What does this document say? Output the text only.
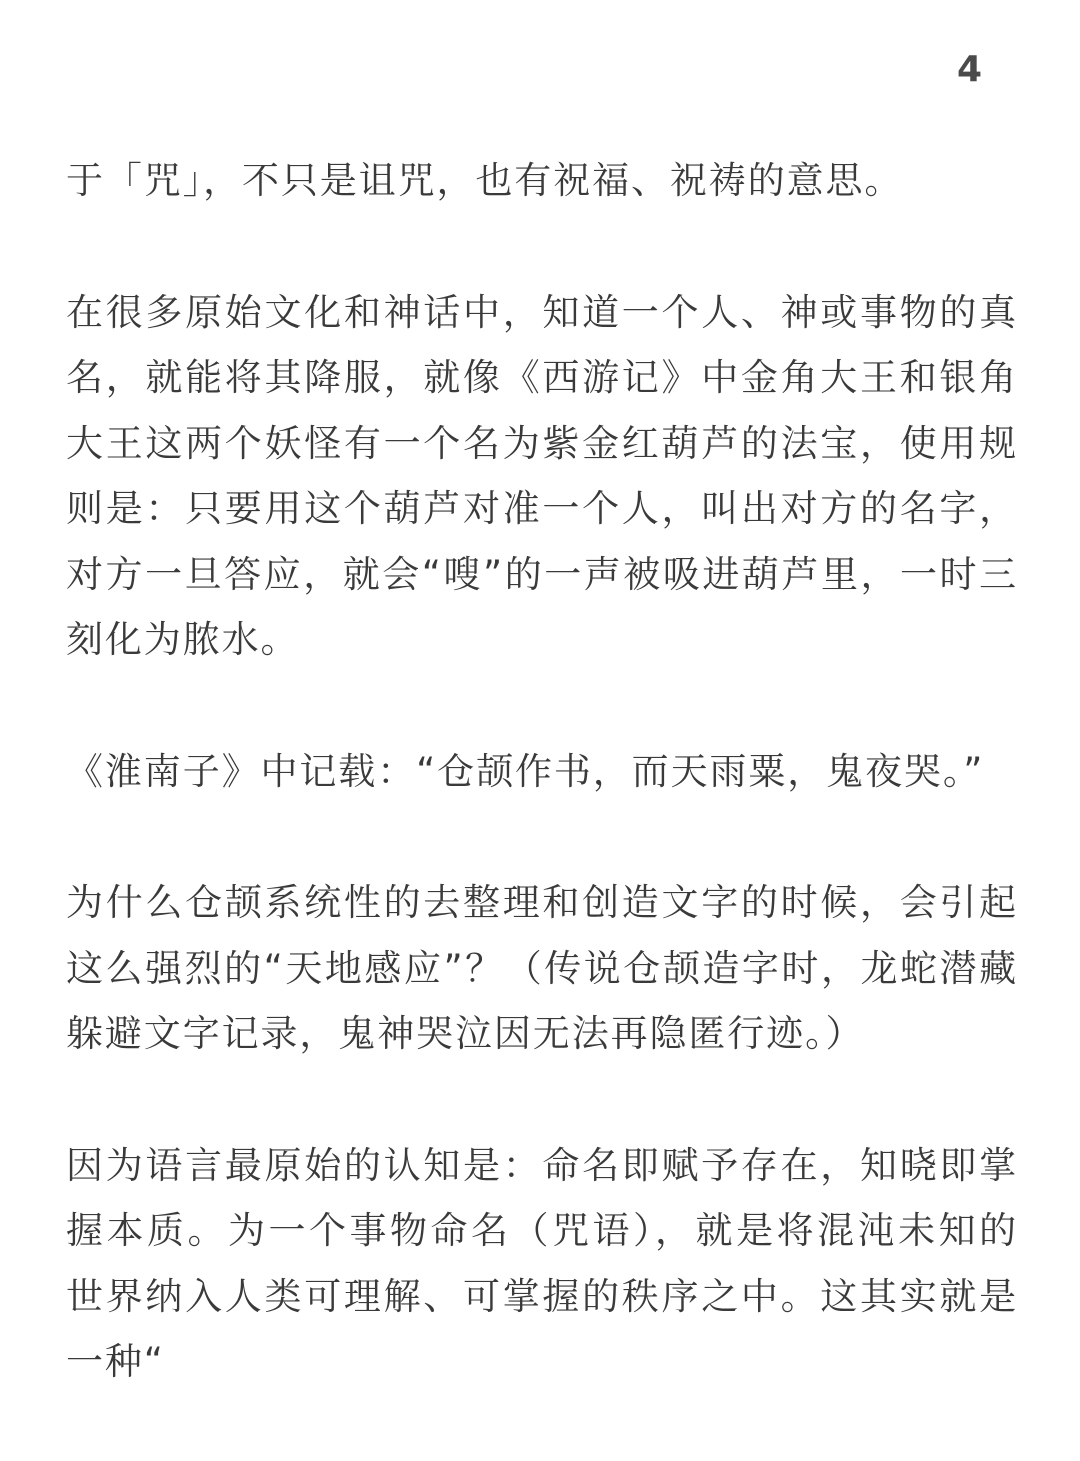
4

于「咒」，不只是诅咒，也有祝福、祝祷的意思。

在很多原始文化和神话中，知道一个人、神或事物的真名，就能将其降服，就像《西游记》中金角大王和银角大王这两个妖怪有一个名为紫金红葫芦的法宝，使用规则是：只要用这个葫芦对准一个人，叫出对方的名字，对方一旦答应，就会“嗖”的一声被吸进葫芦里，一时三刻化为脓水。

《淮南子》中记载：“仓颉作书，而天雨粟，鬼夜哭。”

为什么仓颉系统性的去整理和创造文字的时候，会引起这么强烈的“天地感应”？（传说仓颉造字时，龙蛇潜藏躲避文字记录，鬼神哭泣因无法再隐匿行迹。）

因为语言最原始的认知是：命名即赋予存在，知晓即掌握本质。为一个事物命名（咒语），就是将混沌未知的世界纳入人类可理解、可掌握的秩序之中。这其实就是一种“
